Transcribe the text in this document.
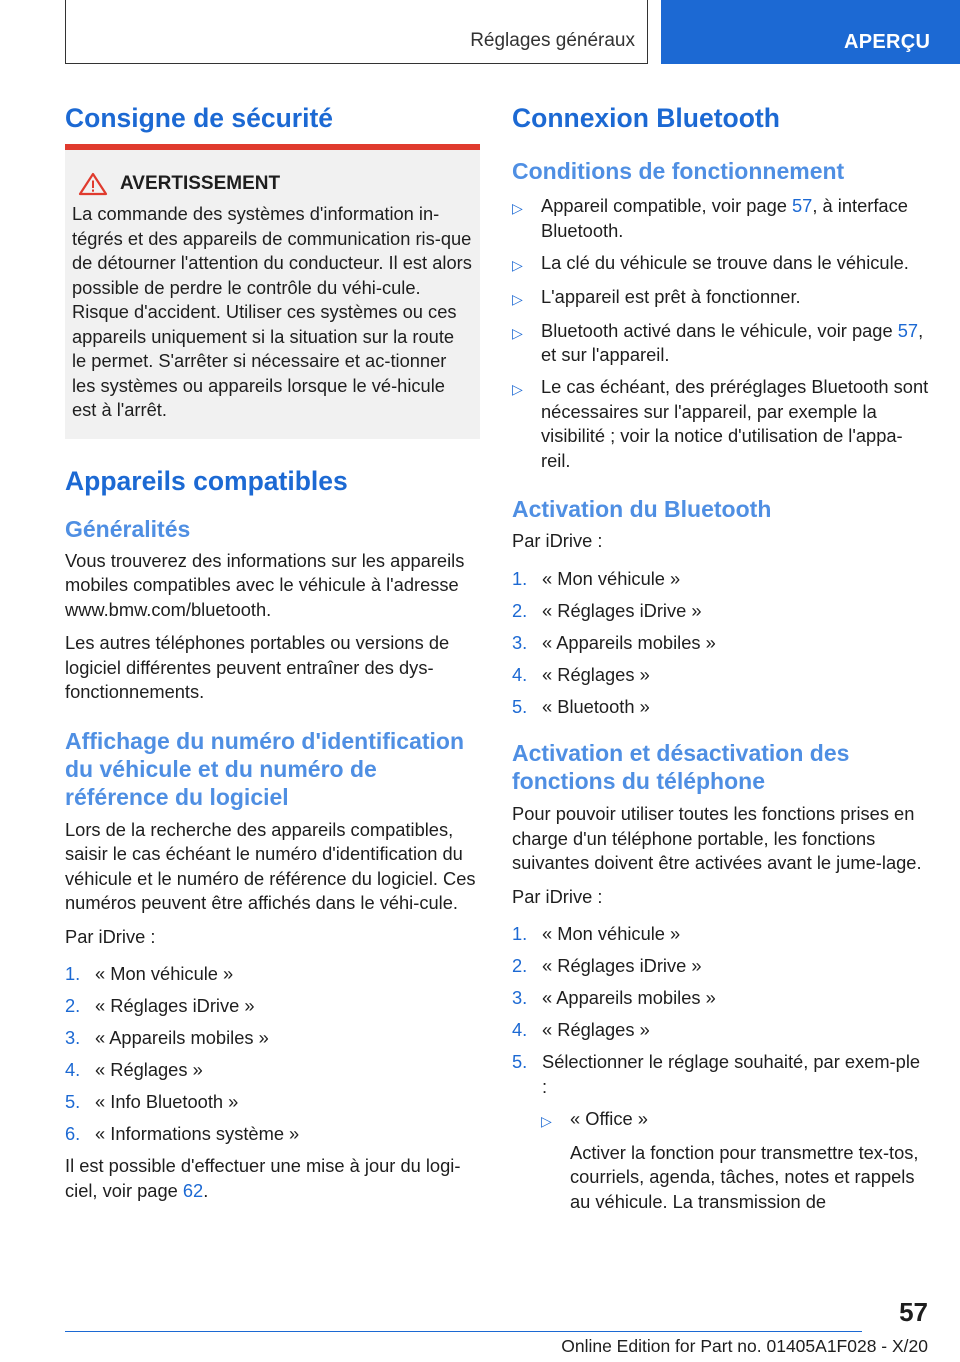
Réglages généraux	APERÇU
Consigne de sécurité
AVERTISSEMENT

La commande des systèmes d'information in-tégrés et des appareils de communication ris-que de détourner l'attention du conducteur. Il est alors possible de perdre le contrôle du véhi-cule. Risque d'accident. Utiliser ces systèmes ou ces appareils uniquement si la situation sur la route le permet. S'arrêter si nécessaire et ac-tionner les systèmes ou appareils lorsque le vé-hicule est à l'arrêt.

Appareils compatibles
Généralités

Vous trouverez des informations sur les appareils mobiles compatibles avec le véhicule à l'adresse www.bmw.com/bluetooth.

Les autres téléphones portables ou versions de logiciel différentes peuvent entraîner des dys-fonctionnements.

Affichage du numéro d'identification du véhicule et du numéro de référence du logiciel

Lors de la recherche des appareils compatibles, saisir le cas échéant le numéro d'identification du véhicule et le numéro de référence du logiciel. Ces numéros peuvent être affichés dans le véhi-cule.

Par iDrive :

1. « Mon véhicule »
2. « Réglages iDrive »
3. « Appareils mobiles »
4. « Réglages »
5. « Info Bluetooth »
6. « Informations système »

Il est possible d'effectuer une mise à jour du logi-ciel, voir page 62.

Connexion Bluetooth
Conditions de fonctionnement
▷ Appareil compatible, voir page 57, à interface Bluetooth.
▷ La clé du véhicule se trouve dans le véhicule.
▷ L'appareil est prêt à fonctionner.
▷ Bluetooth activé dans le véhicule, voir page 57, et sur l'appareil.
▷ Le cas échéant, des préréglages Bluetooth sont nécessaires sur l'appareil, par exemple la visibilité ; voir la notice d'utilisation de l'appa-reil.
Activation du Bluetooth

Par iDrive :

1. « Mon véhicule »
2. « Réglages iDrive »
3. « Appareils mobiles »
4. « Réglages »
5. « Bluetooth »
Activation et désactivation des fonctions du téléphone

Pour pouvoir utiliser toutes les fonctions prises en charge d'un téléphone portable, les fonctions suivantes doivent être activées avant le jume-lage.

Par iDrive :

1. « Mon véhicule »
2. « Réglages iDrive »
3. « Appareils mobiles »
4. « Réglages »
5. Sélectionner le réglage souhaité, par exem-ple :
▷ « Office »

Activer la fonction pour transmettre tex-tos, courriels, agenda, tâches, notes et rappels au véhicule. La transmission de

57
Online Edition for Part no. 01405A1F028 - X/20
